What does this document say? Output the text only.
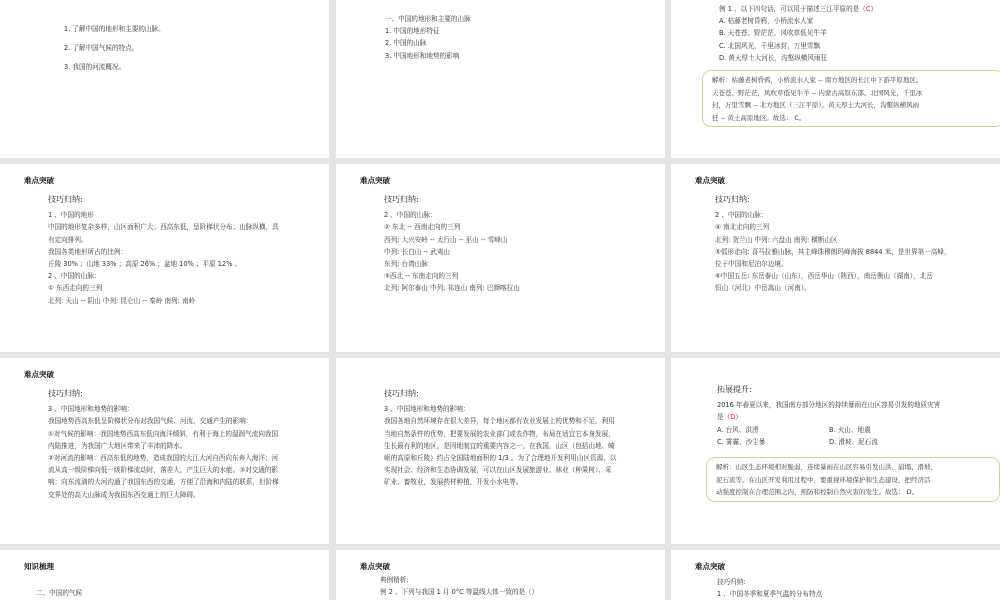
1. 了解中国的地形和主要的山脉。
2. 了解中国气候的特点。
3. 我国的河流概况。
一、中国的地形和主要的山脉
1. 中国的地形特征
2. 中国的山脉
3. 中国地形和地势的影响
例 1 、以下四句话，可以用于描述三江平原的是（C）
A. 枯藤老树昏鸦，小桥流水人家
B. 天苍苍、野茫茫，风吹草低见牛羊
C. 北国风光，千里冰封，万里雪飘
D. 黄天厚土大河长，沟壑纵横风雨狂
解析：枯藤老树昏鸦，小桥流水人家 -- 南方地区的长江中下游平原地区。
天苍苍、野茫茫，风吹草低见牛羊 -- 内蒙古高原东部。北国风光，千里冰
封，万里雪飘 -- 北方地区（三江平原）。黄天厚土大河长，沟壑纵横风雨
狂 -- 黄土高原地区。故选： C。
难点突破
技巧归纳:
1 、中国的地形
中国的地形复杂多样，山区面积广大；西高东低，呈阶梯状分布；山脉纵横，具
有定向排列。
我国各类地形所占的比例：
丘陵 30% ；山地 33% ；高原 26% ；盆地 10% ；平原 12% 。
2 、中国的山脉：
① 东西走向的三列
北列: 天山 -- 阴山 中列: 昆仑山 -- 秦岭 南列: 南岭
难点突破
技巧归纳:
2 、中国的山脉：
② 东北 -- 西南走向的三列
西列: 大兴安岭 -- 太行山 -- 巫山 -- 雪峰山
中列: 长白山 -- 武夷山
东列: 台湾山脉
③西北 -- 东南走向的三列
北列: 阿尔泰山 中列: 祁连山 南列: 巴颜喀拉山
难点突破
技巧归纳:
2 、中国的山脉：
④ 南北走向的三列
北列: 贺兰山 中列: 六盘山 南列: 横断山区
⑤弧形走向: 喜马拉雅山脉，其主峰珠穆朗玛峰海拔 8844 米，是世界第一高峰，
位于中国和尼泊尔边境。
⑥中国五岳: 东岳泰山（山东），西岳华山（陕西），南岳衡山（湖南），北岳
恒山（河北）中岳嵩山（河南）。
难点突破
技巧归纳:
3 、中国地形和地势的影响：
我国地势西高东低呈阶梯状分布对我国气候、河流、交通产生的影响：
①对气候的影响：我国地势西高东低向海洋倾斜，有利于海上的湿润气流向我国
内陆推进，为我国广大地区带来了丰沛的降水。
②对河流的影响：西高东低的地势，造成我国的大江大河自西向东奔入海洋；河
流从高一级阶梯向低一级阶梯流动时，落差大，产生巨大的水能。③对交通的影
响：向东流淌的大河沟通了我国东西的交通，方便了沿海和内陆的联系，但阶梯
交界处的高大山脉成为我国东西交通上的巨大障碍。
技巧归纳:
3 、中国地形和地势的影响：
我国各地自然环境存在很大差异，每个地区都有农业发展上的优势和不足。利用
当地自然条件的优势，把要发展的农业部门或农作物，布局在适宜它本身发展，
生长最有利的地区，是因地制宜的重要内容之一。在我国，山区（包括山地、崎
岖的高原和丘陵）约占全国陆地面积的 1/3 。为了合理地开发利用山区资源，以
实现社会、经济和生态协调发展，可以在山区发展旅游业、林业（种果树）、采
矿业、畜牧业，发展药材种植，开发小水电等。
拓展提升:
2016 年春夏以来，我国南方部分地区的持续暴雨在山区容易引发的地质灾害
是（D）
A. 台风、洪涝	B. 火山、地震
C. 雾霾、沙尘暴	D. 滑坡、泥石流
解析：山区生态环境相对脆弱，连续暴雨在山区容易引发山洪、崩塌、滑坡、
泥石流等。在山区开发利用过程中，要重视环境保护和生态建设，把经济活
动强度控制在合理范围之内，预防和控制自然灾害的发生。故选： D。
知识梳理
二、中国的气候
难点突破
典例精析:
例 2 、下列与我国 1 月 0°C 等温线大体一致的是（）
难点突破
技巧归纳:
1 、中国冬季和夏季气温的分布特点
